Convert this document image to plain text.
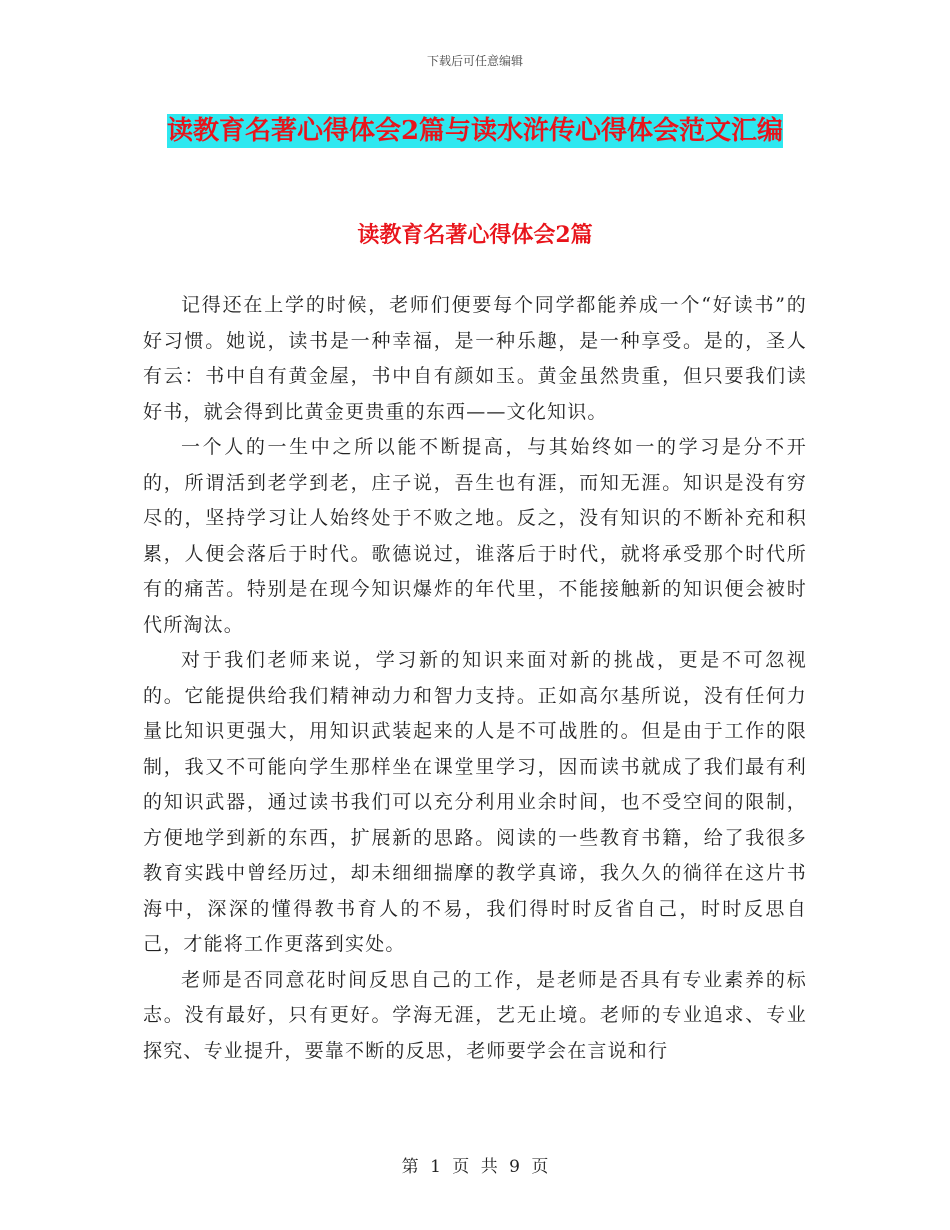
下载后可任意编辑
读教育名著心得体会2篇与读水浒传心得体会范文汇编
读教育名著心得体会2篇

记得还在上学的时候，老师们便要每个同学都能养成一个“好读书”的好习惯。她说，读书是一种幸福，是一种乐趣，是一种享受。是的，圣人有云：书中自有黄金屋，书中自有颜如玉。黄金虽然贵重，但只要我们读好书，就会得到比黄金更贵重的东西——文化知识。

一个人的一生中之所以能不断提高，与其始终如一的学习是分不开的，所谓活到老学到老，庄子说，吾生也有涯，而知无涯。知识是没有穷尽的，坚持学习让人始终处于不败之地。反之，没有知识的不断补充和积累，人便会落后于时代。歌德说过，谁落后于时代，就将承受那个时代所有的痛苦。特别是在现今知识爆炸的年代里，不能接触新的知识便会被时代所淘汰。

对于我们老师来说，学习新的知识来面对新的挑战，更是不可忽视的。它能提供给我们精神动力和智力支持。正如高尔基所说，没有任何力量比知识更强大，用知识武装起来的人是不可战胜的。但是由于工作的限制，我又不可能向学生那样坐在课堂里学习，因而读书就成了我们最有利的知识武器，通过读书我们可以充分利用业余时间，也不受空间的限制，方便地学到新的东西，扩展新的思路。阅读的一些教育书籍，给了我很多教育实践中曾经历过，却未细细揣摩的教学真谛，我久久的徜徉在这片书海中，深深的懂得教书育人的不易，我们得时时反省自己，时时反思自己，才能将工作更落到实处。

老师是否同意花时间反思自己的工作，是老师是否具有专业素养的标志。没有最好，只有更好。学海无涯，艺无止境。老师的专业追求、专业探究、专业提升，要靠不断的反思，老师要学会在言说和行

第 1 页 共 9 页
